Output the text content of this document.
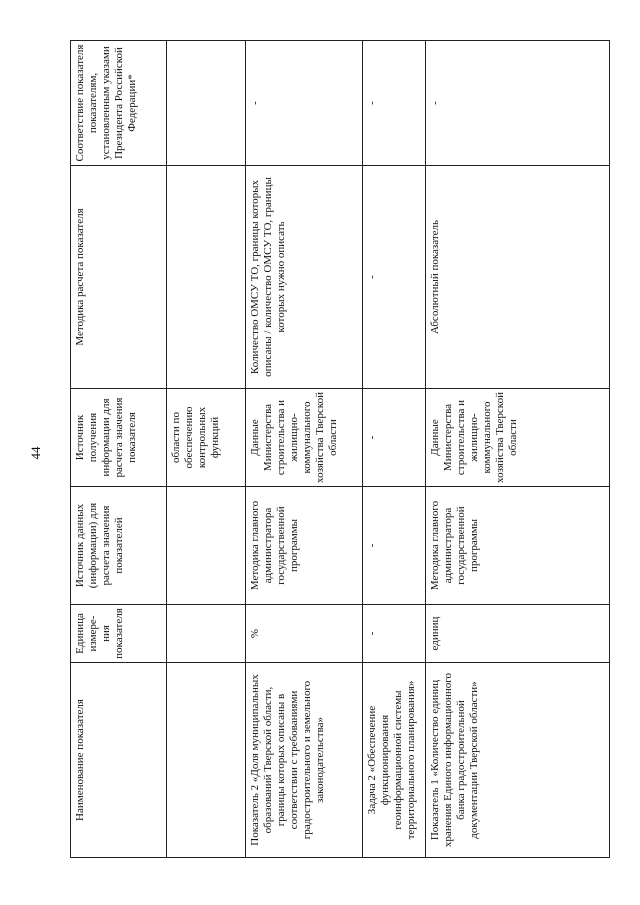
44
Наименование показателя	Единица измере-ния показателя	Источник данных (информации) для расчета значения показателей	Источник получения информации для расчета значения показателя	Методика расчета показателя	Соответствие показателя показателям, установленным указами Президента Российской Федерации*
			области по обеспечению контрольных функций		
Показатель 2 «Доля муниципальных образований Тверской области, границы которых описаны в соответствии с требованиями градостроительного и земельного законодательства»	%	Методика главного администратора государственной программы	Данные Министерства строительства и жилищно-коммунального хозяйства Тверской области	Количество ОМСУ ТО, границы которых описаны / количество ОМСУ ТО, границы которых нужно описать	-
Задача 2 «Обеспечение функционирования геоинформационной системы территориального планирования»	-	-	-	-	-
Показатель 1 «Количество единиц хранения Единого информационного банка градостроительной документации Тверской области»	единиц	Методика главного администратора государственной программы	Данные Министерства строительства и жилищно-коммунального хозяйства Тверской области	Абсолютный показатель	-
